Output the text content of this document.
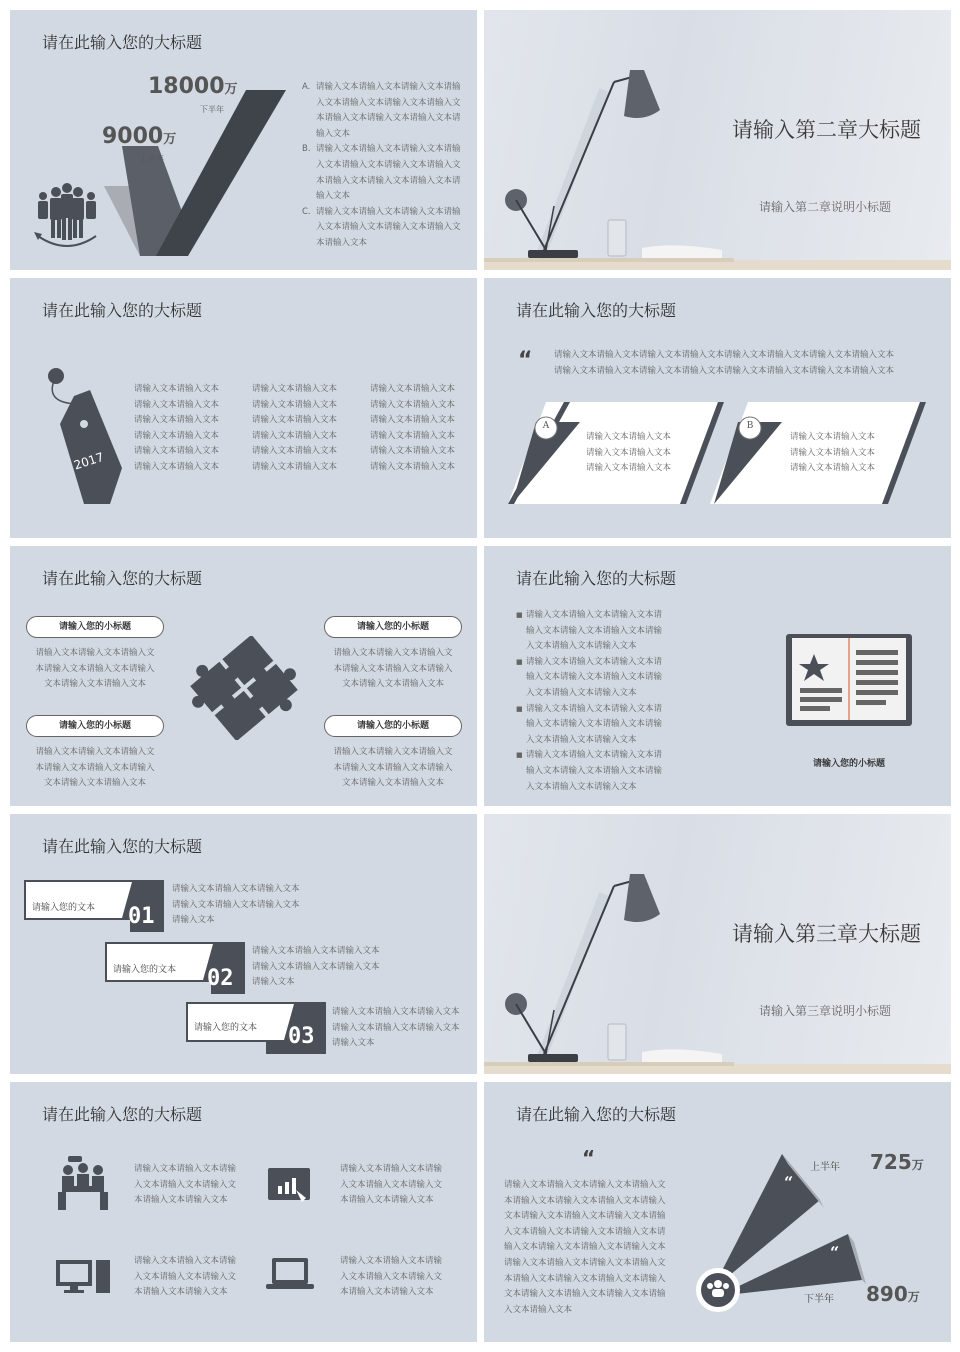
请在此输入您的大标题
18000万
下半年
9000万
上半年
A. 请输入文本请输入文本请输入文本请输入文本请输入文本请输入文本请输入文本请输入文本请输入文本请输入文本请输入文本
B. 请输入文本请输入文本请输入文本请输入文本请输入文本请输入文本请输入文本请输入文本请输入文本请输入文本请输入文本
C. 请输入文本请输入文本请输入文本请输入文本请输入文本请输入文本请输入文本请输入文本
请输入第二章大标题
请输入第二章说明小标题
请在此输入您的大标题
2017
请输入文本请输入文本
请输入文本请输入文本
请输入文本请输入文本
请输入文本请输入文本
请输入文本请输入文本
请输入文本请输入文本
请输入文本请输入文本
请输入文本请输入文本
请输入文本请输入文本
请输入文本请输入文本
请输入文本请输入文本
请输入文本请输入文本
请输入文本请输入文本
请输入文本请输入文本
请输入文本请输入文本
请输入文本请输入文本
请输入文本请输入文本
请输入文本请输入文本
请在此输入您的大标题
“	请输入文本请输入文本请输入文本请输入文本请输入文本请输入文本请输入文本请输入文本
请输入文本请输入文本请输入文本请输入文本请输入文本请输入文本请输入文本请输入文本
A	B
请输入文本请输入文本
请输入文本请输入文本
请输入文本请输入文本
请输入文本请输入文本
请输入文本请输入文本
请输入文本请输入文本
请在此输入您的大标题
请输入您的小标题
请输入文本请输入文本请输入文
本请输入文本请输入文本请输入
文本请输入文本请输入文本
请输入您的小标题
请输入文本请输入文本请输入文
本请输入文本请输入文本请输入
文本请输入文本请输入文本
请输入您的小标题
请输入文本请输入文本请输入文
本请输入文本请输入文本请输入
文本请输入文本请输入文本
请输入您的小标题
请输入文本请输入文本请输入文
本请输入文本请输入文本请输入
文本请输入文本请输入文本
请在此输入您的大标题
■ 请输入文本请输入文本请输入文本请
输入文本请输入文本请输入文本请输
入文本请输入文本请输入文本
■ 请输入文本请输入文本请输入文本请
输入文本请输入文本请输入文本请输
入文本请输入文本请输入文本
■ 请输入文本请输入文本请输入文本请
输入文本请输入文本请输入文本请输
入文本请输入文本请输入文本
■ 请输入文本请输入文本请输入文本请
输入文本请输入文本请输入文本请输
入文本请输入文本请输入文本
请输入您的小标题
请在此输入您的大标题
请输入您的文本 01
请输入您的文本 02
请输入您的文本 03
请输入文本请输入文本请输入文本
请输入文本请输入文本请输入文本
请输入文本
请输入文本请输入文本请输入文本
请输入文本请输入文本请输入文本
请输入文本
请输入文本请输入文本请输入文本
请输入文本请输入文本请输入文本
请输入文本
请输入第三章大标题
请输入第三章说明小标题
请在此输入您的大标题
请输入文本请输入文本请输
入文本请输入文本请输入文
本请输入文本请输入文本
请输入文本请输入文本请输
入文本请输入文本请输入文
本请输入文本请输入文本
请输入文本请输入文本请输
入文本请输入文本请输入文
本请输入文本请输入文本
请输入文本请输入文本请输
入文本请输入文本请输入文
本请输入文本请输入文本
请在此输入您的大标题
“
请输入文本请输入文本请输入文本请输入文
本请输入文本请输入文本请输入文本请输入
文本请输入文本请输入文本请输入文本请输
入文本请输入文本请输入文本请输入文本请
输入文本请输入文本请输入文本请输入文本
请输入文本请输入文本请输入文本请输入文
本请输入文本请输入文本请输入文本请输入
文本请输入文本请输入文本请输入文本请输
入文本请输入文本
“
“
上半年 725万
下半年 890万
